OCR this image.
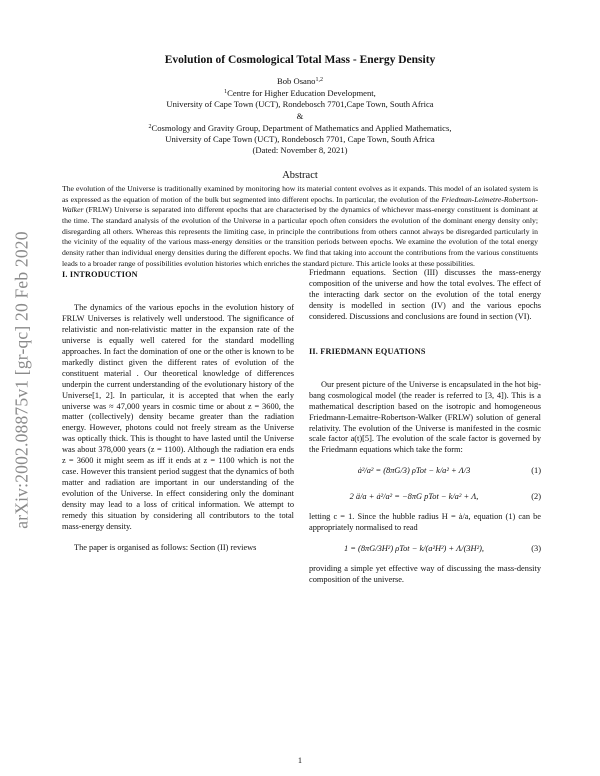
arXiv:2002.08875v1 [gr-qc] 20 Feb 2020
Evolution of Cosmological Total Mass - Energy Density
Bob Osano$^{1,2}$
$^1$Centre for Higher Education Development,
University of Cape Town (UCT), Rondebosch 7701,Cape Town, South Africa
&
$^2$Cosmology and Gravity Group, Department of Mathematics and Applied Mathematics,
University of Cape Town (UCT), Rondebosch 7701, Cape Town, South Africa
(Dated: November 8, 2021)
Abstract
The evolution of the Universe is traditionally examined by monitoring how its material content evolves as it expands. This model of an isolated system is as expressed as the equation of motion of the bulk but segmented into different epochs. In particular, the evolution of the Friedman-Leimetre-Robertson-Walker (FRLW) Universe is separated into different epochs that are characterised by the dynamics of whichever mass-energy constituent is dominant at the time. The standard analysis of the evolution of the Universe in a particular epoch often considers the evolution of the dominant energy density only; disregarding all others. Whereas this represents the limiting case, in principle the contributions from others cannot always be disregarded particularly in the vicinity of the equality of the various mass-energy densities or the transition periods between epochs. We examine the evolution of the total energy density rather than individual energy densities during the different epochs. We find that taking into account the contributions from the various constituents leads to a broader range of possibilities evolution histories which enriches the standard picture. This article looks at these possibilities.
I. INTRODUCTION

The dynamics of the various epochs in the evolution history of FRLW Universes is relatively well understood. The significance of relativistic and non-relativistic matter in the expansion rate of the universe is equally well catered for the standard modelling approaches. In fact the domination of one or the other is known to be markedly distinct given the different rates of evolution of the constituent material . Our theoretical knowledge of differences underpin the current understanding of the evolutionary history of the Universe[1, 2]. In particular, it is accepted that when the early universe was ≈ 47,000 years in cosmic time or about z = 3600, the matter (collectively) density became greater than the radiation energy. However, photons could not freely stream as the Universe was optically thick. This is thought to have lasted until the Universe was about 378,000 years (z = 1100). Although the radiation era ends z = 3600 it might seem as iff it ends at z = 1100 which is not the case. However this transient period suggest that the dynamics of both matter and radiation are important in our understanding of the evolution of the Universe. In effect considering only the dominant density may lead to a loss of critical information. We attempt to remedy this situation by considering all contributors to the total mass-energy density.

The paper is organised as follows: Section (II) reviews

Friedmann equations. Section (III) discusses the mass-energy composition of the universe and how the total evolves. The effect of the interacting dark sector on the evolution of the total energy density is modelled in section (IV) and the various epochs considered. Discussions and conclusions are found in section (VI).

II. FRIEDMANN EQUATIONS

Our present picture of the Universe is encapsulated in the hot big-bang cosmological model (the reader is referred to [3, 4]). This is a mathematical description based on the isotropic and homogeneous Friedmann-Lemaitre-Robertson-Walker (FRLW) solution of general relativity. The evolution of the Universe is manifested in the cosmic scale factor a(t)[5]. The evolution of the scale factor is governed by the Friedmann equations which take the form:

ȧ²/a² = (8πG/3) ρTot − k/a² + Λ/3	(1)
2 ä/a + ȧ²/a² = −8πG pTot − k/a² + Λ,	(2)

letting c = 1. Since the hubble radius H = ȧ/a, equation (1) can be appropriately normalised to read

1 = (8πG/3H²) ρTot − k/(a²H²) + Λ/(3H²),	(3)

providing a simple yet effective way of discussing the mass-density composition of the universe.

1
